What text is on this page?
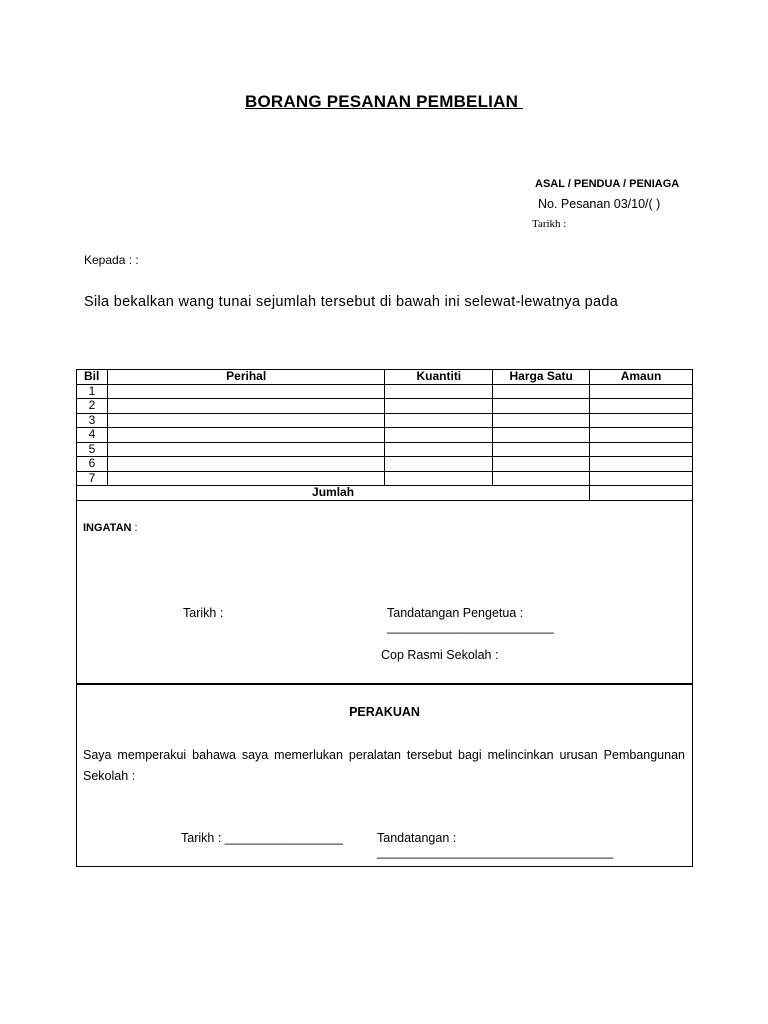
BORANG PESANAN PEMBELIAN
ASAL / PENDUA / PENIAGA
No. Pesanan 03/10/( )
Tarikh :
Kepada : :
Sila bekalkan wang tunai sejumlah tersebut di bawah ini selewat-lewatnya pada
Bil	Perihal	Kuantiti	Harga Satu	Amaun
1				
2				
3				
4				
5				
6				
7				
Jumlah				
INGATAN :
Tarikh :	Tandatangan Pengetua : ________________________
Cop Rasmi Sekolah :
PERAKUAN
Saya memperakui bahawa saya memerlukan peralatan tersebut bagi melincinkan urusan Pembangunan Sekolah :
Tarikh : _________________	Tandatangan : __________________________________
